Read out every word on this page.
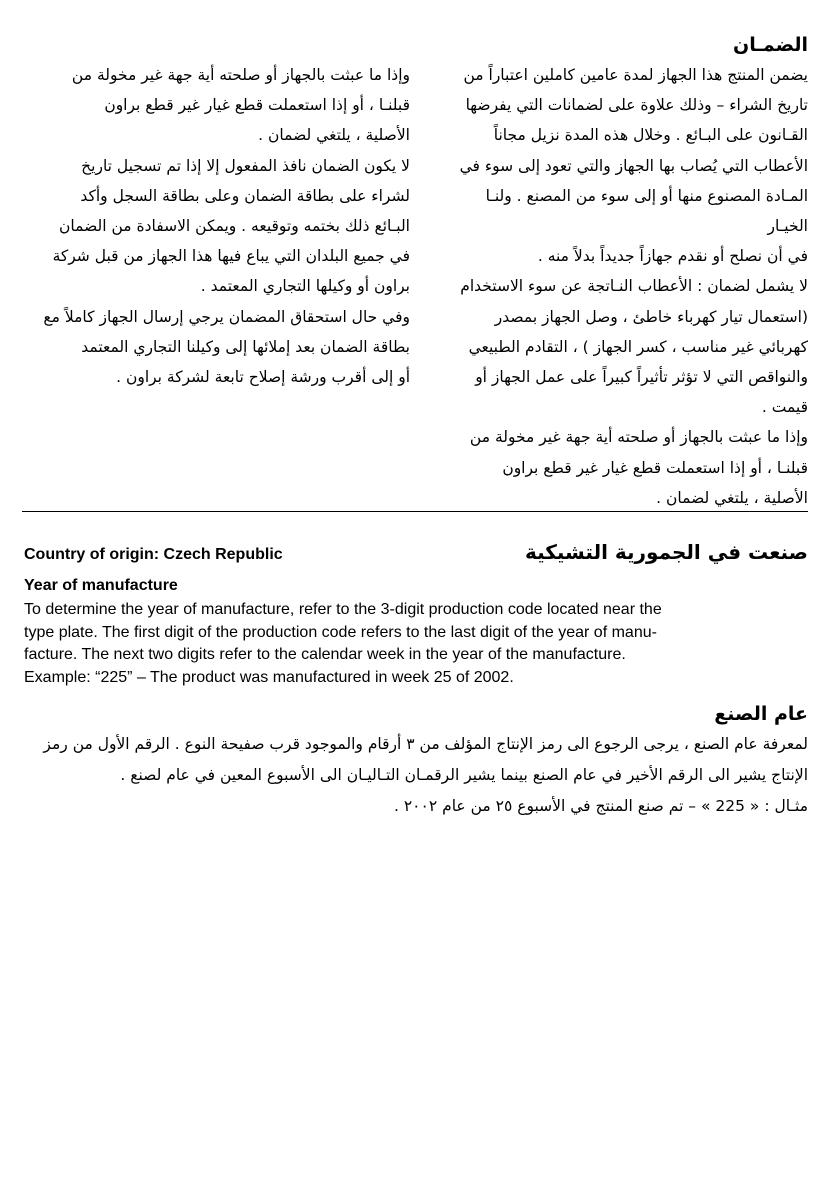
الضمـان

يضمن المنتج هذا الجهاز لمدة عامين كاملين اعتباراً من

تاريخ الشراء – وذلك علاوة على لضمانات التي يفرضها

القـانون على البـائع . وخلال هذه المدة نزيل مجاناً

الأعطاب التي يُصاب بها الجهاز والتي تعود إلى سوء في

المـادة المصنوع منها أو إلى سوء من المصنع . ولنـا الخيـار

في أن نصلح أو نقدم جهازاً جديداً بدلاً منه .

لا يشمل لضمان : الأعطاب النـاتجة عن سوء الاستخدام

(استعمال تيار كهرباء خاطئ ، وصل الجهاز بمصدر

كهربائي غير مناسب ، كسر الجهاز ) ، التقادم الطبيعي

والنواقص التي لا تؤثر تأثيراً كبيراً على عمل الجهاز أو

قيمت .

وإذا ما عبثت بالجهاز أو صلحته أية جهة غير مخولة من

قبلنـا ، أو إذا استعملت قطع غيار غير قطع براون

الأصلية ، يلتغي لضمان .

وإذا ما عبثت بالجهاز أو صلحته أية جهة غير مخولة من

قبلنـا ، أو إذا استعملت قطع غيار غير قطع براون

الأصلية ، يلتغي لضمان .

لا يكون الضمان نافذ المفعول إلا إذا تم تسجيل تاريخ

لشراء على بطاقة الضمان وعلى بطاقة السجل وأكد

البـائع ذلك بختمه وتوقيعه . ويمكن الاسفادة من الضمان

في جميع البلدان التي يباع فيها هذا الجهاز من قبل شركة

براون أو وكيلها التجاري المعتمد .

وفي حال استحقاق المضمان يرجي إرسال الجهاز كاملاً مع

بطاقة الضمان بعد إملائها إلى وكيلنا التجاري المعتمد

أو إلى أقرب ورشة إصلاح تابعة لشركة براون .

Country of origin: Czech Republic	صنعت في الجمورية التشيكية

Year of manufacture

To determine the year of manufacture, refer to the 3-digit production code located near the
type plate. The first digit of the production code refers to the last digit of the year of manu-
facture. The next two digits refer to the calendar week in the year of the manufacture.
Example: “225” – The product was manufactured in week 25 of 2002.

عام الصنع

لمعرفة عام الصنع ، يرجى الرجوع الى رمز الإنتاج المؤلف من ٣ أرقام والموجود قرب صفيحة النوع . الرقم الأول من رمز

الإنتاج يشير الى الرقم الأخير في عام الصنع بينما يشير الرقمـان التـاليـان الى الأسبوع المعين في عام لصنع .

مثـال : « 225 » – تم صنع المنتج في الأسبوع ٢٥ من عام ٢٠٠٢ .
